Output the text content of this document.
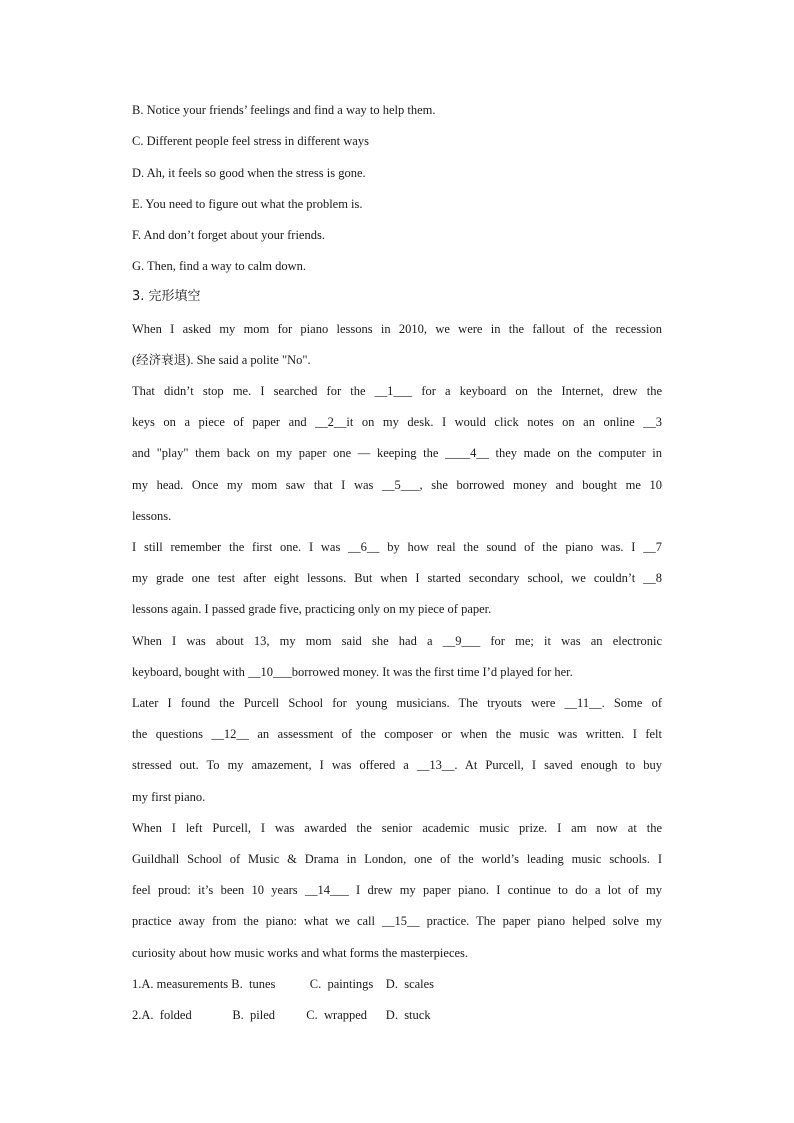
B. Notice your friends’ feelings and find a way to help them.
C. Different people feel stress in different ways
D. Ah, it feels so good when the stress is gone.
E. You need to figure out what the problem is.
F. And don’t forget about your friends.
G. Then, find a way to calm down.
3. 完形填空
When I asked my mom for piano lessons in 2010, we were in the fallout of the recession
(经济衰退). She said a polite "No".
That didn’t stop me. I searched for the __1___ for a keyboard on the Internet, drew the
keys on a piece of paper and __2__it on my desk. I would click notes on an online __3
and "play" them back on my paper one — keeping the ____4__ they made on the computer in
my head. Once my mom saw that I was __5___, she borrowed money and bought me 10
lessons.
I still remember the first one. I was __6__ by how real the sound of the piano was. I __7
my grade one test after eight lessons. But when I started secondary school, we couldn’t __8
lessons again. I passed grade five, practicing only on my piece of paper.
When I was about 13, my mom said she had a __9___ for me; it was an electronic
keyboard, bought with __10___borrowed money. It was the first time I’d played for her.
Later I found the Purcell School for young musicians. The tryouts were __11__. Some of
the questions __12__ an assessment of the composer or when the music was written. I felt
stressed out. To my amazement, I was offered a __13__. At Purcell, I saved enough to buy
my first piano.
When I left Purcell, I was awarded the senior academic music prize. I am now at the
Guildhall School of Music & Drama in London, one of the world’s leading music schools. I
feel proud: it’s been 10 years __14___ I drew my paper piano. I continue to do a lot of my
practice away from the piano: what we call __15__ practice. The paper piano helped solve my
curiosity about how music works and what forms the masterpieces.
1.A. measurements B.  tunes           C.  paintings    D.  scales
2.A.  folded             B.  piled          C.  wrapped      D.  stuck
